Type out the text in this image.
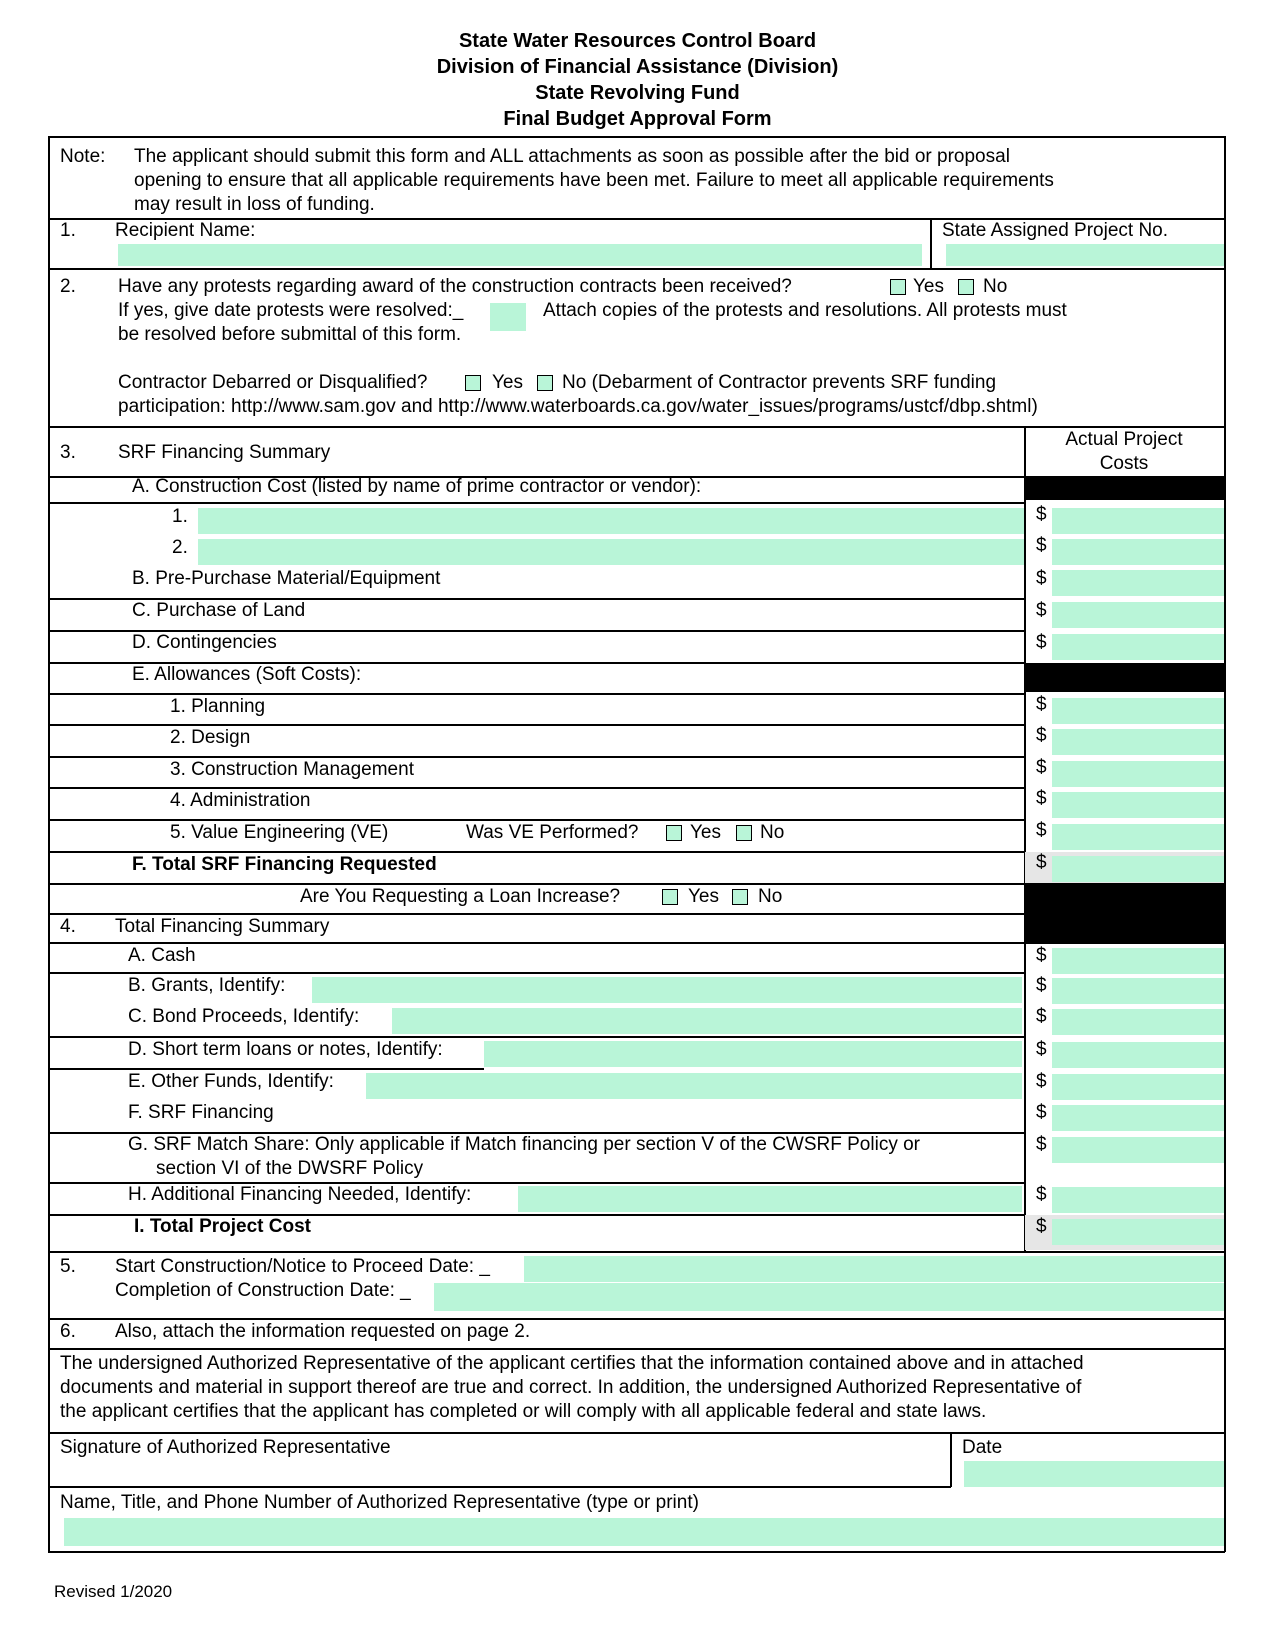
State Water Resources Control Board
Division of Financial Assistance (Division)
State Revolving Fund
Final Budget Approval Form
Note: The applicant should submit this form and ALL attachments as soon as possible after the bid or proposal
opening to ensure that all applicable requirements have been met. Failure to meet all applicable requirements
may result in loss of funding.
1. Recipient Name:	State Assigned Project No.
2. Have any protests regarding award of the construction contracts been received?	Yes No
If yes, give date protests were resolved:_	Attach copies of the protests and resolutions. All protests must
be resolved before submittal of this form.
Contractor Debarred or Disqualified?	Yes No (Debarment of Contractor prevents SRF funding
participation: http://www.sam.gov and http://www.waterboards.ca.gov/water_issues/programs/ustcf/dbp.shtml)
3. SRF Financing Summary
Actual Project
Costs
A. Construction Cost (listed by name of prime contractor or vendor):
1.	$
2.	$
B. Pre-Purchase Material/Equipment	$
C. Purchase of Land	$
D. Contingencies	$
E. Allowances (Soft Costs):
1. Planning	$
2. Design	$
3. Construction Management	$
4. Administration	$
5. Value Engineering (VE)	Was VE Performed?	Yes No	$
F. Total SRF Financing Requested	$
Are You Requesting a Loan Increase?	Yes No
4. Total Financing Summary
A. Cash	$
B. Grants, Identify:	$
C. Bond Proceeds, Identify:	$
D. Short term loans or notes, Identify:	$
E. Other Funds, Identify:	$
F. SRF Financing	$
G. SRF Match Share: Only applicable if Match financing per section V of the CWSRF Policy or
section VI of the DWSRF Policy
$
H. Additional Financing Needed, Identify:	$
I. Total Project Cost	$
5. Start Construction/Notice to Proceed Date: _
Completion of Construction Date: _
6. Also, attach the information requested on page 2.
The undersigned Authorized Representative of the applicant certifies that the information contained above and in attached
documents and material in support thereof are true and correct. In addition, the undersigned Authorized Representative of
the applicant certifies that the applicant has completed or will comply with all applicable federal and state laws.
Signature of Authorized Representative	Date
Name, Title, and Phone Number of Authorized Representative (type or print)
Revised 1/2020
